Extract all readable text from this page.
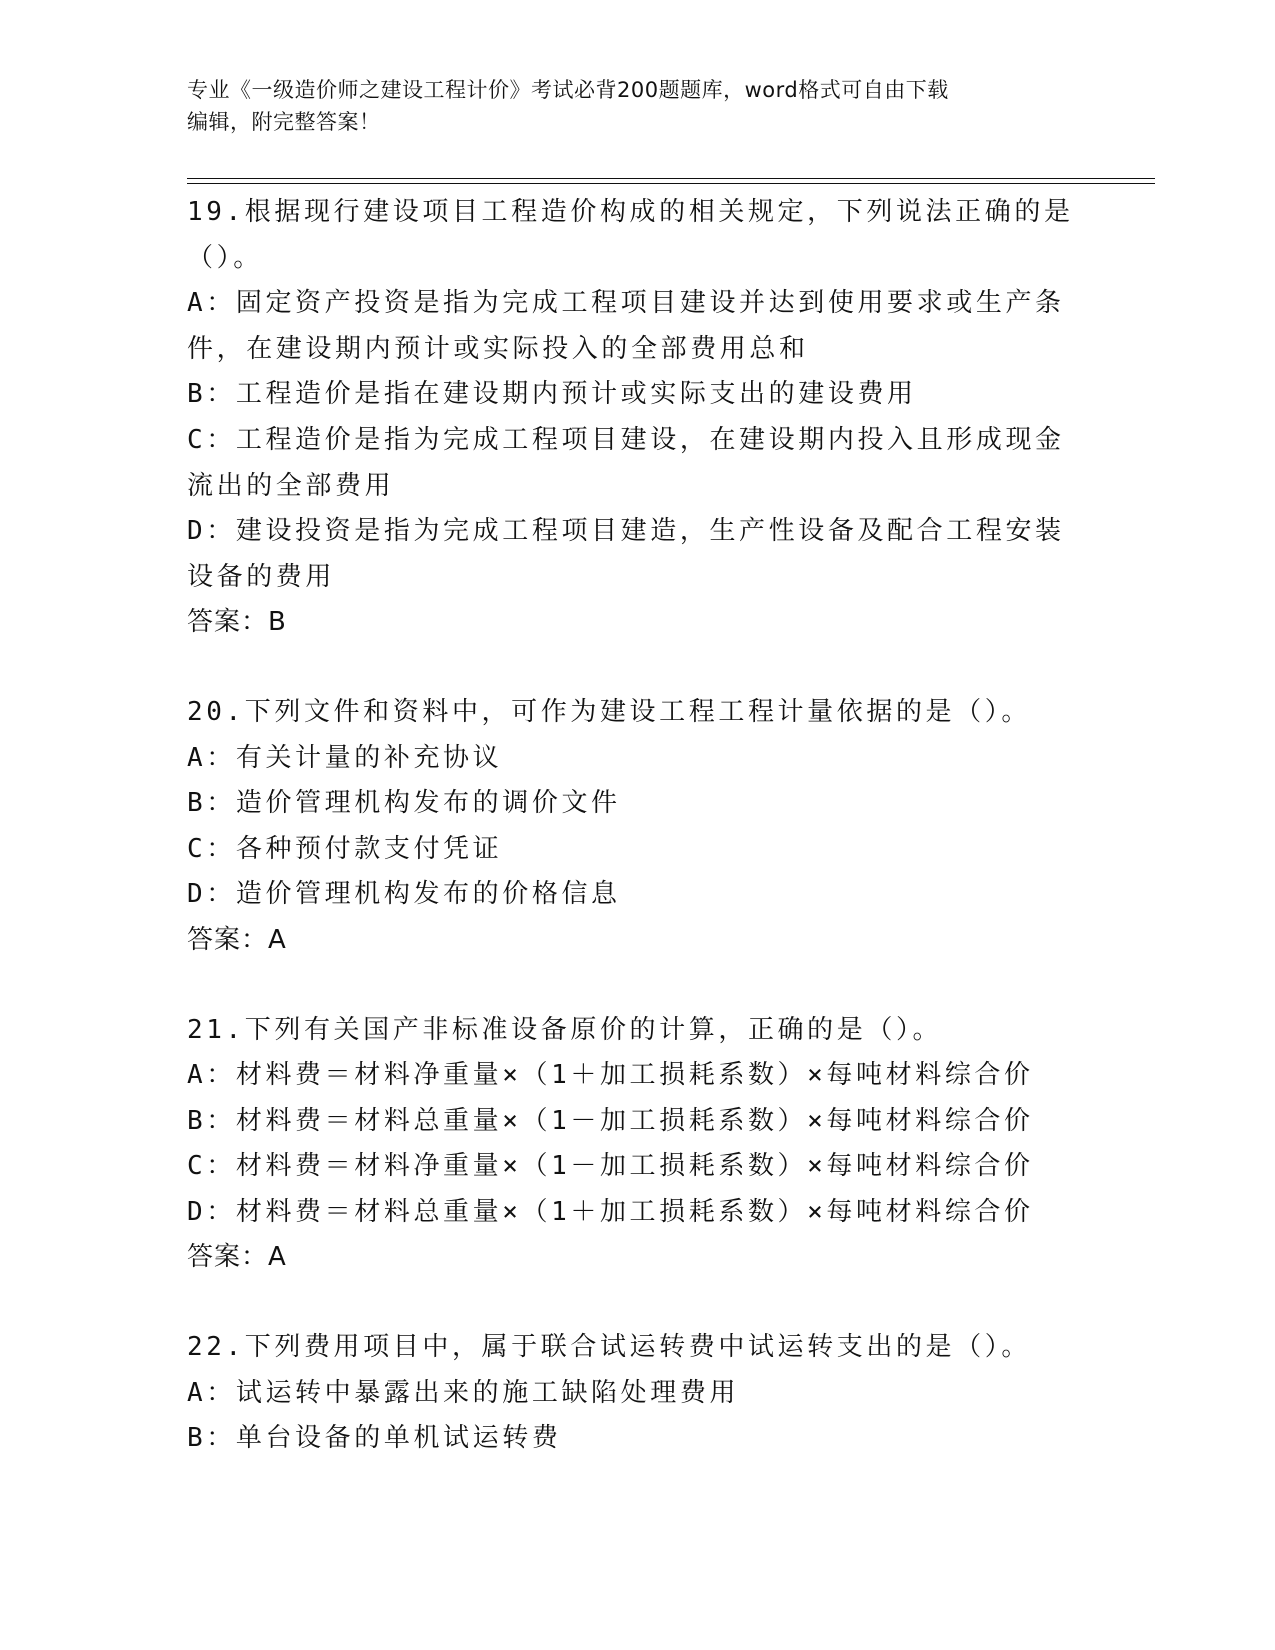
专业《一级造价师之建设工程计价》考试必背200题题库，word格式可自由下载
编辑，附完整答案！
19.根据现行建设项目工程造价构成的相关规定，下列说法正确的是（）。
A：固定资产投资是指为完成工程项目建设并达到使用要求或生产条件，在建设期内预计或实际投入的全部费用总和
B：工程造价是指在建设期内预计或实际支出的建设费用
C：工程造价是指为完成工程项目建设，在建设期内投入且形成现金流出的全部费用
D：建设投资是指为完成工程项目建造，生产性设备及配合工程安装设备的费用
答案：B
20.下列文件和资料中，可作为建设工程工程计量依据的是（）。
A：有关计量的补充协议
B：造价管理机构发布的调价文件
C：各种预付款支付凭证
D：造价管理机构发布的价格信息
答案：A
21.下列有关国产非标准设备原价的计算，正确的是（）。
A：材料费＝材料净重量×（1＋加工损耗系数）×每吨材料综合价
B：材料费＝材料总重量×（1－加工损耗系数）×每吨材料综合价
C：材料费＝材料净重量×（1－加工损耗系数）×每吨材料综合价
D：材料费＝材料总重量×（1＋加工损耗系数）×每吨材料综合价
答案：A
22.下列费用项目中，属于联合试运转费中试运转支出的是（）。
A：试运转中暴露出来的施工缺陷处理费用
B：单台设备的单机试运转费
